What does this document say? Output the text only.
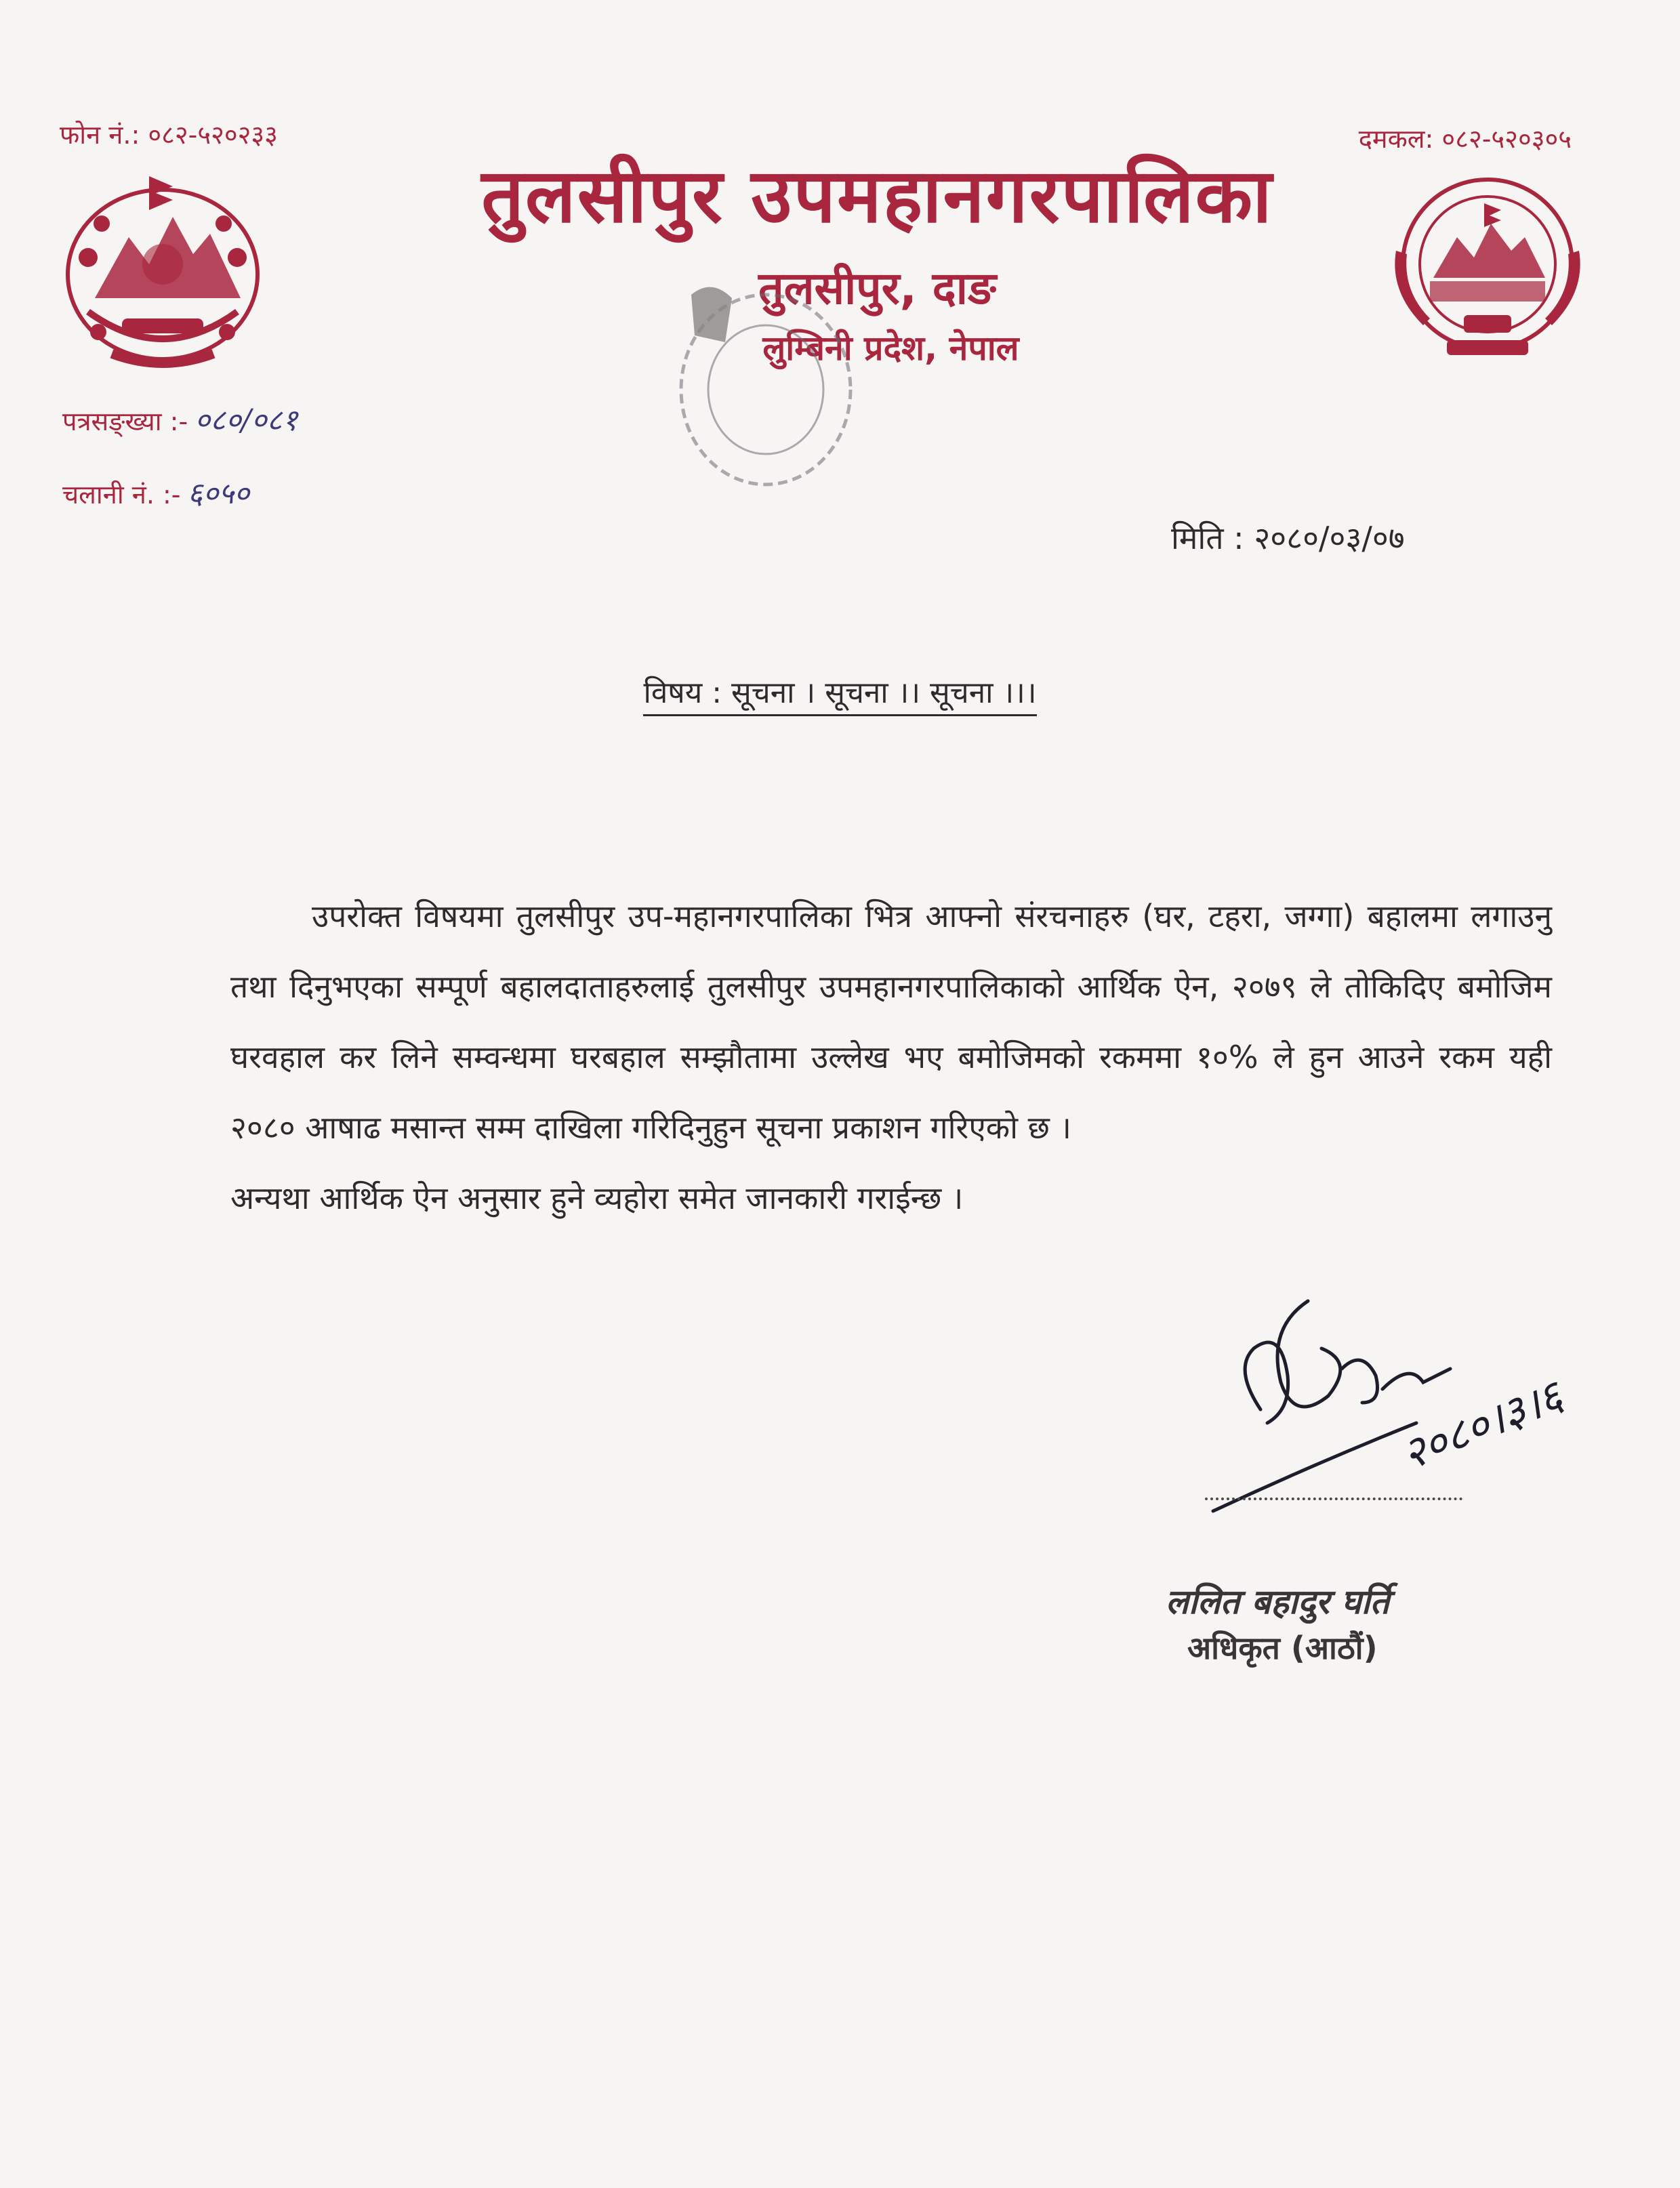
फोन नं.: ०८२-५२०२३३	दमकल: ०८२-५२०३०५
तुलसीपुर उपमहानगरपालिका
तुलसीपुर, दाङ
लुम्बिनी प्रदेश, नेपाल
पत्रसङ्ख्या :- ०८०/०८१
चलानी नं. :- ६०५०
मिति : २०८०/०३/०७
विषय : सूचना । सूचना ।। सूचना ।।।

उपरोक्त विषयमा तुलसीपुर उप-महानगरपालिका भित्र आफ्नो संरचनाहरु (घर, टहरा, जग्गा) बहालमा लगाउनु तथा दिनुभएका सम्पूर्ण बहालदाताहरुलाई तुलसीपुर उपमहानगरपालिकाको आर्थिक ऐन, २०७९ ले तोकिदिए बमोजिम घरवहाल कर लिने सम्वन्धमा घरबहाल सम्झौतामा उल्लेख भए बमोजिमको रकममा १०% ले हुन आउने रकम यही २०८० आषाढ मसान्त सम्म दाखिला गरिदिनुहुन सूचना प्रकाशन गरिएको छ ।

अन्यथा आर्थिक ऐन अनुसार हुने व्यहोरा समेत जानकारी गराईन्छ ।

२०८०।३।६
ललित बहादुर घर्ति
अधिकृत (आठौं)
